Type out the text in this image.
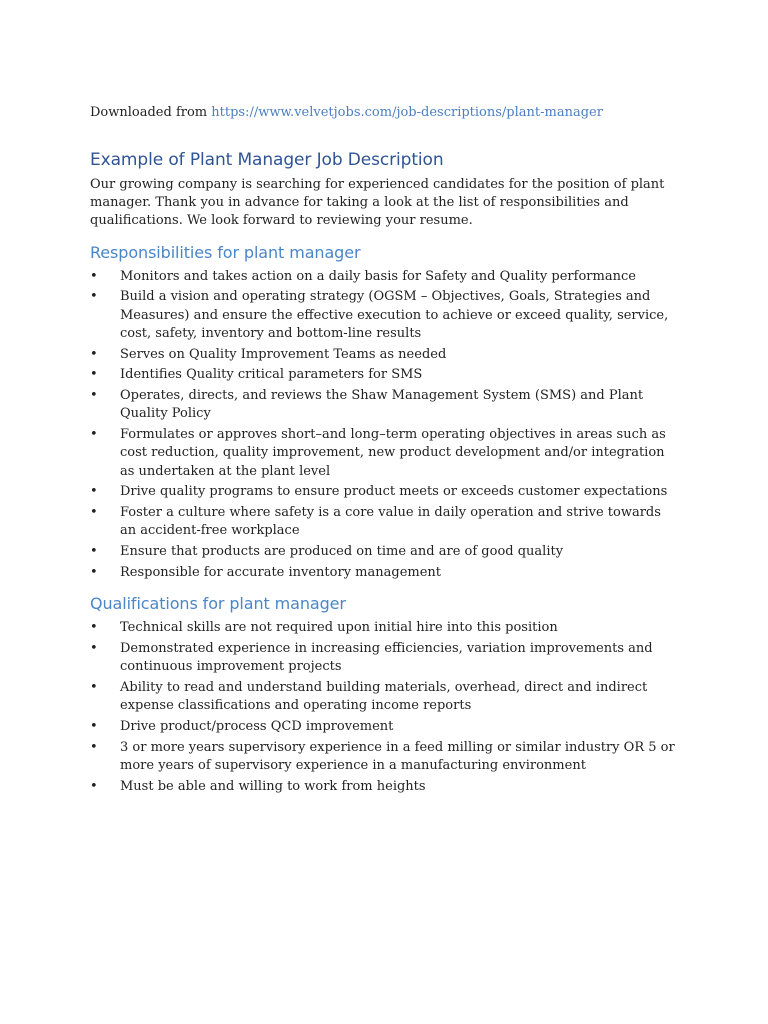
Downloaded from https://www.velvetjobs.com/job-descriptions/plant-manager

Example of Plant Manager Job Description

Our growing company is searching for experienced candidates for the position of plant manager. Thank you in advance for taking a look at the list of responsibilities and qualifications. We look forward to reviewing your resume.

Responsibilities for plant manager
•	Monitors and takes action on a daily basis for Safety and Quality performance
•	Build a vision and operating strategy (OGSM – Objectives, Goals, Strategies and Measures) and ensure the effective execution to achieve or exceed quality, service, cost, safety, inventory and bottom-line results
•	Serves on Quality Improvement Teams as needed
•	Identifies Quality critical parameters for SMS
•	Operates, directs, and reviews the Shaw Management System (SMS) and Plant Quality Policy
•	Formulates or approves short–and long–term operating objectives in areas such as cost reduction, quality improvement, new product development and/or integration as undertaken at the plant level
•	Drive quality programs to ensure product meets or exceeds customer expectations
•	Foster a culture where safety is a core value in daily operation and strive towards an accident-free workplace
•	Ensure that products are produced on time and are of good quality
•	Responsible for accurate inventory management
Qualifications for plant manager
•	Technical skills are not required upon initial hire into this position
•	Demonstrated experience in increasing efficiencies, variation improvements and continuous improvement projects
•	Ability to read and understand building materials, overhead, direct and indirect expense classifications and operating income reports
•	Drive product/process QCD improvement
•	3 or more years supervisory experience in a feed milling or similar industry OR 5 or more years of supervisory experience in a manufacturing environment
•	Must be able and willing to work from heights
